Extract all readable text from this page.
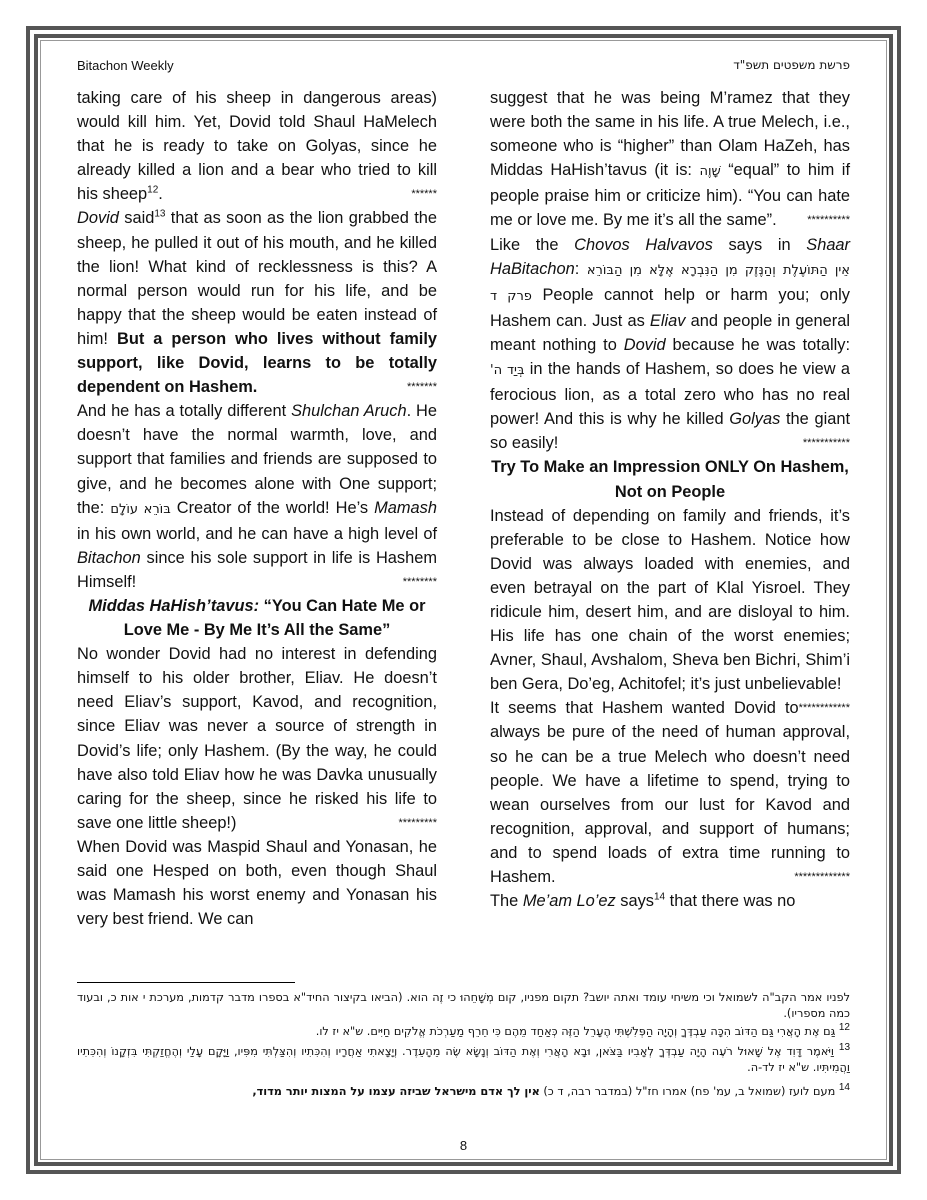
Bitachon Weekly	פרשת משפטים תשפ"ד

taking care of his sheep in dangerous areas) would kill him. Yet, Dovid told Shaul HaMelech that he is ready to take on Golyas, since he already killed a lion and a bear who tried to kill his sheep$^{12}$.	******

Dovid said$^{13}$ that as soon as the lion grabbed the sheep, he pulled it out of his mouth, and he killed the lion! What kind of recklessness is this? A normal person would run for his life, and be happy that the sheep would be eaten instead of him! But a person who lives without family support, like Dovid, learns to be totally dependent on Hashem.	*******

And he has a totally different Shulchan Aruch. He doesn’t have the normal warmth, love, and support that families and friends are supposed to give, and he becomes alone with One support; the: בּוֹרֵא עוֹלָם Creator of the world! He’s Mamash in his own world, and he can have a high level of Bitachon since his sole support in life is Hashem Himself!	********

Middas HaHish’tavus: “You Can Hate Me or Love Me - By Me It’s All the Same”

No wonder Dovid had no interest in defending himself to his older brother, Eliav. He doesn’t need Eliav’s support, Kavod, and recognition, since Eliav was never a source of strength in Dovid’s life; only Hashem. (By the way, he could have also told Eliav how he was Davka unusually caring for the sheep, since he risked his life to save one little sheep!)	*********

When Dovid was Maspid Shaul and Yonasan, he said one Hesped on both, even though Shaul was Mamash his worst enemy and Yonasan his very best friend. We can

suggest that he was being M’ramez that they were both the same in his life. A true Melech, i.e., someone who is “higher” than Olam HaZeh, has Middas HaHish’tavus (it is: שָׁוֶה “equal” to him if people praise him or criticize him). “You can hate me or love me. By me it’s all the same”.	**********

Like the Chovos Halvavos says in Shaar HaBitachon: אֵין הַתּוֹעֶלֶת וְהַנֶּזֶק מִן הַנִּבְרָא אֶלָּא מִן הַבּוֹרֵא פרק ד People cannot help or harm you; only Hashem can. Just as Eliav and people in general meant nothing to Dovid because he was totally: בְּיַד ה' in the hands of Hashem, so does he view a ferocious lion, as a total zero who has no real power! And this is why he killed Golyas the giant so easily!	***********

Try To Make an Impression ONLY On Hashem, Not on People

Instead of depending on family and friends, it’s preferable to be close to Hashem. Notice how Dovid was always loaded with enemies, and even betrayal on the part of Klal Yisroel. They ridicule him, desert him, and are disloyal to him. His life has one chain of the worst enemies; Avner, Shaul, Avshalom, Sheva ben Bichri, Shim’i ben Gera, Do’eg, Achitofel; it’s just unbelievable!
************

It seems that Hashem wanted Dovid to always be pure of the need of human approval, so he can be a true Melech who doesn’t need people. We have a lifetime to spend, trying to wean ourselves from our lust for Kavod and recognition, approval, and support of humans; and to spend loads of extra time running to Hashem.	*************

The Me’am Lo’ez says$^{14}$ that there was no

לפניו אמר הקב"ה לשמואל וכי משיחי עומד ואתה יושב? תקום מפניו, קום מְשָׁחֵהוּ כי זֶה הוא. (הביאו בקיצור החיד"א בספרו מדבר קדמות, מערכת י אות כ, ובעוד כמה מספריו).
$^{12}$ גַּם אֶת הָאֲרִי גַּם הַדּוֹב הִכָּה עַבְדֶּךָ וְהָיָה הַפְּלִשְׁתִּי הֶעָרֵל הַזֶּה כְּאַחַד מֵהֶם כִּי חֵרֵף מַעַרְכֹת אֱלֹקִים חַיִּים. ש"א יז לו.
$^{13}$ וַיֹּאמֶר דָּוִד אֶל שָׁאוּל רֹעֶה הָיָה עַבְדְּךָ לְאָבִיו בַּצֹּאן, וּבָא הָאֲרִי וְאֶת הַדּוֹב וְנָשָׂא שֶׂה מֵהָעֵדֶר. וְיָצָאתִי אַחֲרָיו וְהִכִּתִיו וְהִצַּלְתִּי מִפִּיו, וַיָּקָם עָלַי וְהֶחֱזַקְתִּי בִּזְקָנוֹ וְהִכִּתִיו וַהֲמִיתִּיו. ש"א יז לד-ה.
$^{14}$ מעם לועז (שמואל ב, עמ' פח) אמרו חז"ל (במדבר רבה, ד כ) אין לך אדם מישראל שביזה עצמו על המצות יותר מדוד,
8
